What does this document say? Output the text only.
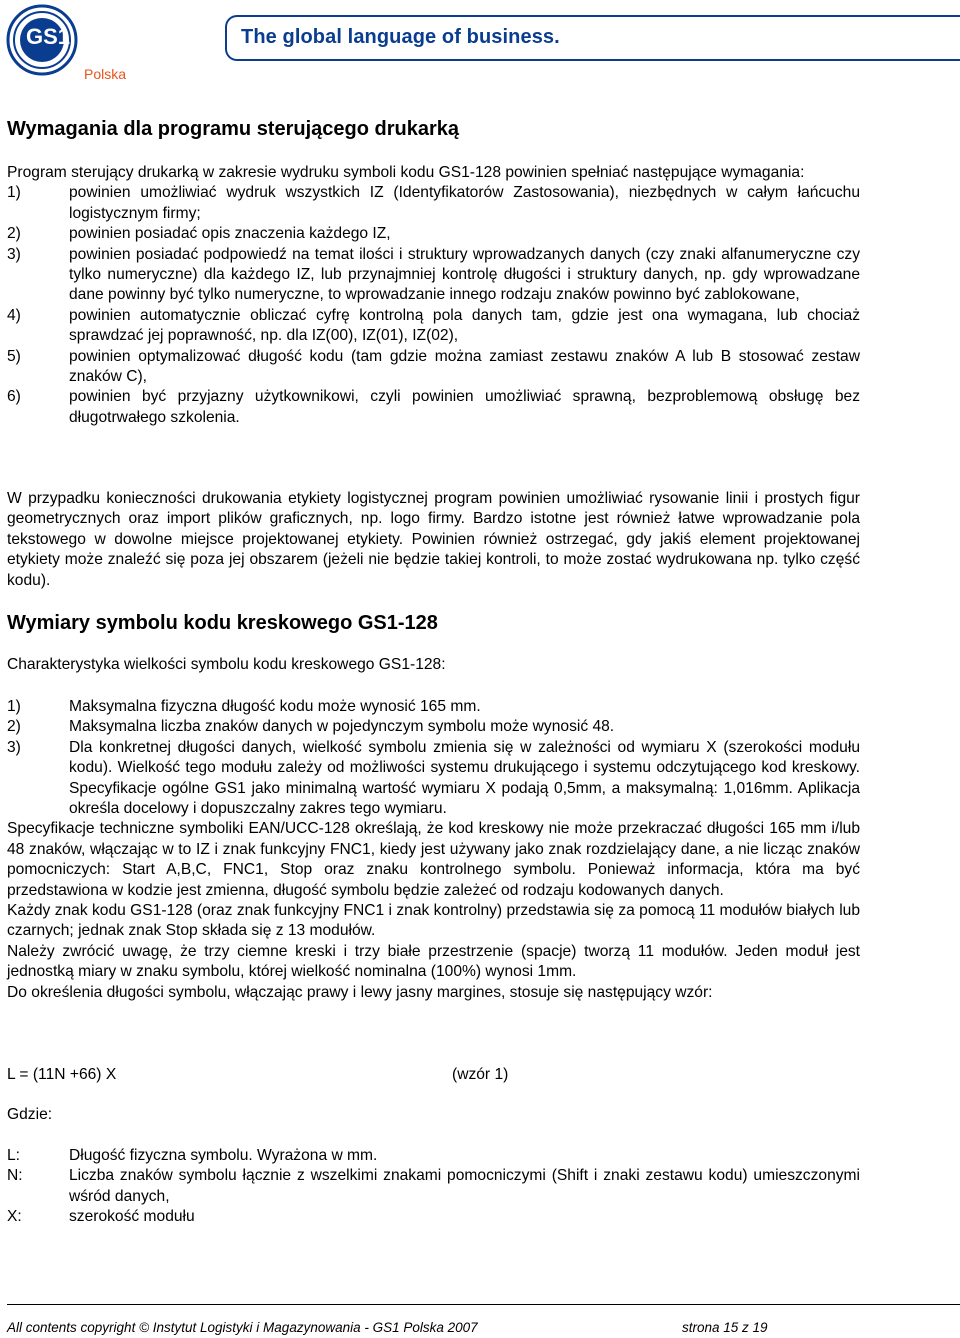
GS1
Polska
The global language of business.
Wymagania dla programu sterującego drukarką

Program sterujący drukarką w zakresie wydruku symboli kodu GS1-128 powinien spełniać następujące wymagania:

1)	powinien umożliwiać wydruk wszystkich IZ (Identyfikatorów Zastosowania), niezbędnych w całym łańcuchu logistycznym firmy;
2)	powinien posiadać opis znaczenia każdego IZ,
3)	powinien posiadać podpowiedź na temat ilości i struktury wprowadzanych danych (czy znaki alfanumeryczne czy tylko numeryczne) dla każdego IZ, lub przynajmniej kontrolę długości i struktury danych, np. gdy wprowadzane dane powinny być tylko numeryczne, to wprowadzanie innego rodzaju znaków powinno być zablokowane,
4)	powinien automatycznie obliczać cyfrę kontrolną pola danych tam, gdzie jest ona wymagana, lub chociaż sprawdzać jej poprawność, np. dla IZ(00), IZ(01), IZ(02),
5)	powinien optymalizować długość kodu (tam gdzie można zamiast zestawu znaków A lub B stosować zestaw znaków C),
6)	powinien być przyjazny użytkownikowi, czyli powinien umożliwiać sprawną, bezproblemową obsługę bez długotrwałego szkolenia.

W przypadku konieczności drukowania etykiety logistycznej program powinien umożliwiać rysowanie linii i prostych figur geometrycznych oraz import plików graficznych, np. logo firmy. Bardzo istotne jest również łatwe wprowadzanie pola tekstowego w dowolne miejsce projektowanej etykiety. Powinien również ostrzegać, gdy jakiś element projektowanej etykiety może znaleźć się poza jej obszarem (jeżeli nie będzie takiej kontroli, to może zostać wydrukowana np. tylko część kodu).

Wymiary symbolu kodu kreskowego GS1-128

Charakterystyka wielkości symbolu kodu kreskowego GS1-128:

1)	Maksymalna fizyczna długość kodu może wynosić 165 mm.
2)	Maksymalna liczba znaków danych w pojedynczym symbolu może wynosić 48.
3)	Dla konkretnej długości danych, wielkość symbolu zmienia się w zależności od wymiaru X (szerokości modułu kodu). Wielkość tego modułu zależy od możliwości systemu drukującego i systemu odczytującego kod kreskowy. Specyfikacje ogólne GS1 jako minimalną wartość wymiaru X podają 0,5mm, a maksymalną: 1,016mm. Aplikacja określa docelowy i dopuszczalny zakres tego wymiaru.

Specyfikacje techniczne symboliki EAN/UCC-128 określają, że kod kreskowy nie może przekraczać długości 165 mm i/lub 48 znaków, włączając w to IZ i znak funkcyjny FNC1, kiedy jest używany jako znak rozdzielający dane, a nie licząc znaków pomocniczych: Start A,B,C, FNC1, Stop oraz znaku kontrolnego symbolu. Ponieważ informacja, która ma być przedstawiona w kodzie jest zmienna, długość symbolu będzie zależeć od rodzaju kodowanych danych.

Każdy znak kodu GS1-128 (oraz znak funkcyjny FNC1 i znak kontrolny) przedstawia się za pomocą 11 modułów białych lub czarnych; jednak znak Stop składa się z 13 modułów.

Należy zwrócić uwagę, że trzy ciemne kreski i trzy białe przestrzenie (spacje) tworzą 11 modułów. Jeden moduł jest jednostką miary w znaku symbolu, której wielkość nominalna (100%) wynosi 1mm.

Do określenia długości symbolu, włączając prawy i lewy jasny margines, stosuje się następujący wzór:

L = (11N +66) X	(wzór 1)

Gdzie:

L:	Długość fizyczna symbolu. Wyrażona w mm.
N:	Liczba znaków symbolu łącznie z wszelkimi znakami pomocniczymi (Shift i znaki zestawu kodu) umieszczonymi wśród danych,
X:	szerokość modułu
All contents copyright © Instytut Logistyki i Magazynowania - GS1 Polska 2007	strona 15 z 19
